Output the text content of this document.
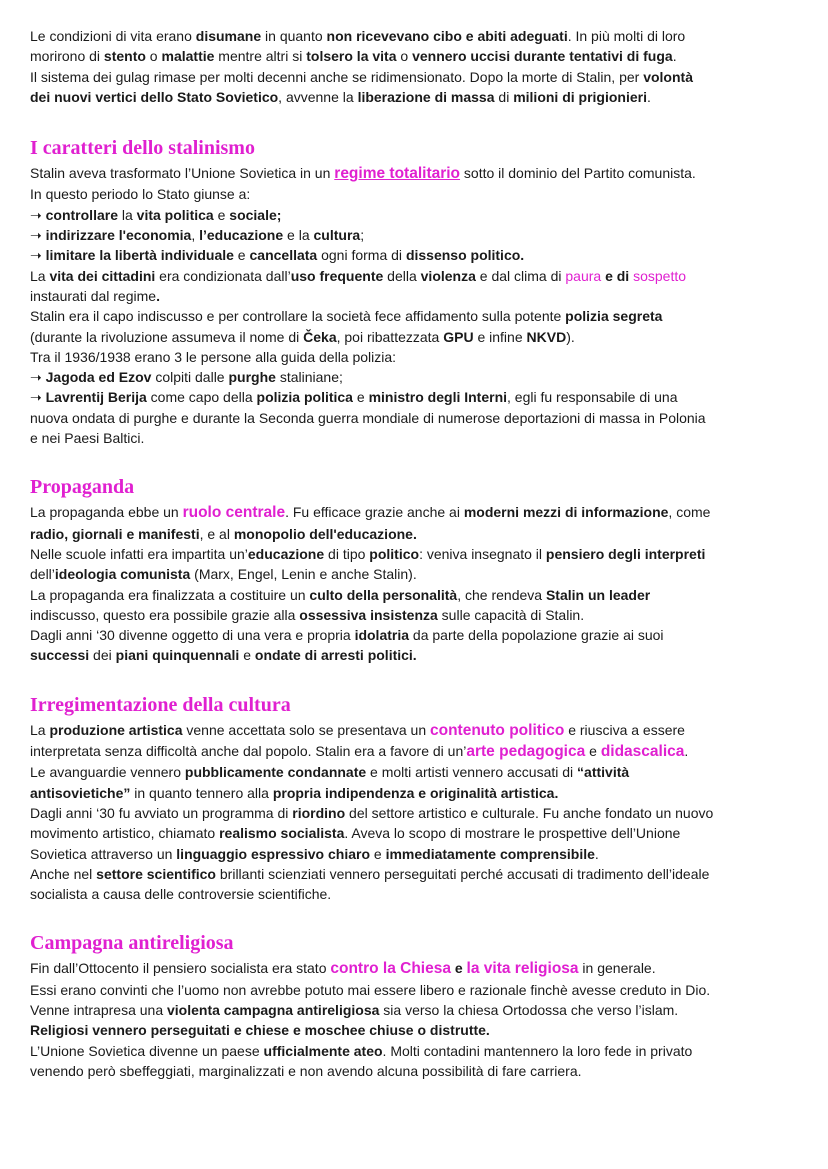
Le condizioni di vita erano disumane in quanto non ricevevano cibo e abiti adeguati. In più molti di loro
morirono di stento o malattie mentre altri si tolsero la vita o vennero uccisi durante tentativi di fuga.
Il sistema dei gulag rimase per molti decenni anche se ridimensionato. Dopo la morte di Stalin, per volontà
dei nuovi vertici dello Stato Sovietico, avvenne la liberazione di massa di milioni di prigionieri.

I caratteri dello stalinismo

Stalin aveva trasformato l’Unione Sovietica in un regime totalitario sotto il dominio del Partito comunista.
In questo periodo lo Stato giunse a:
➝ controllare la vita politica e sociale;
➝ indirizzare l'economia, l’educazione e la cultura;
➝ limitare la libertà individuale e cancellata ogni forma di dissenso politico.
La vita dei cittadini era condizionata dall’uso frequente della violenza e dal clima di paura e di sospetto
instaurati dal regime.
Stalin era il capo indiscusso e per controllare la società fece affidamento sulla potente polizia segreta
(durante la rivoluzione assumeva il nome di Čeka, poi ribattezzata GPU e infine NKVD).
Tra il 1936/1938 erano 3 le persone alla guida della polizia:
➝ Jagoda ed Ezov colpiti dalle purghe staliniane;
➝ Lavrentij Berija come capo della polizia politica e ministro degli Interni, egli fu responsabile di una
nuova ondata di purghe e durante la Seconda guerra mondiale di numerose deportazioni di massa in Polonia
e nei Paesi Baltici.

Propaganda

La propaganda ebbe un ruolo centrale. Fu efficace grazie anche ai moderni mezzi di informazione, come
radio, giornali e manifesti, e al monopolio dell'educazione.
Nelle scuole infatti era impartita un’educazione di tipo politico: veniva insegnato il pensiero degli interpreti
dell’ideologia comunista (Marx, Engel, Lenin e anche Stalin).
La propaganda era finalizzata a costituire un culto della personalità, che rendeva Stalin un leader
indiscusso, questo era possibile grazie alla ossessiva insistenza sulle capacità di Stalin.
Dagli anni ‘30 divenne oggetto di una vera e propria idolatria da parte della popolazione grazie ai suoi
successi dei piani quinquennali e ondate di arresti politici.

Irregimentazione della cultura

La produzione artistica venne accettata solo se presentava un contenuto politico e riusciva a essere
interpretata senza difficoltà anche dal popolo. Stalin era a favore di un’arte pedagogica e didascalica.
Le avanguardie vennero pubblicamente condannate e molti artisti vennero accusati di “attività
antisovietiche” in quanto tennero alla propria indipendenza e originalità artistica.
Dagli anni ‘30 fu avviato un programma di riordino del settore artistico e culturale. Fu anche fondato un nuovo
movimento artistico, chiamato realismo socialista. Aveva lo scopo di mostrare le prospettive dell’Unione
Sovietica attraverso un linguaggio espressivo chiaro e immediatamente comprensibile.
Anche nel settore scientifico brillanti scienziati vennero perseguitati perché accusati di tradimento dell’ideale
socialista a causa delle controversie scientifiche.

Campagna antireligiosa

Fin dall’Ottocento il pensiero socialista era stato contro la Chiesa e la vita religiosa in generale.
Essi erano convinti che l’uomo non avrebbe potuto mai essere libero e razionale finchè avesse creduto in Dio.
Venne intrapresa una violenta campagna antireligiosa sia verso la chiesa Ortodossa che verso l’islam.
Religiosi vennero perseguitati e chiese e moschee chiuse o distrutte.
L’Unione Sovietica divenne un paese ufficialmente ateo. Molti contadini mantennero la loro fede in privato
venendo però sbeffeggiati, marginalizzati e non avendo alcuna possibilità di fare carriera.
